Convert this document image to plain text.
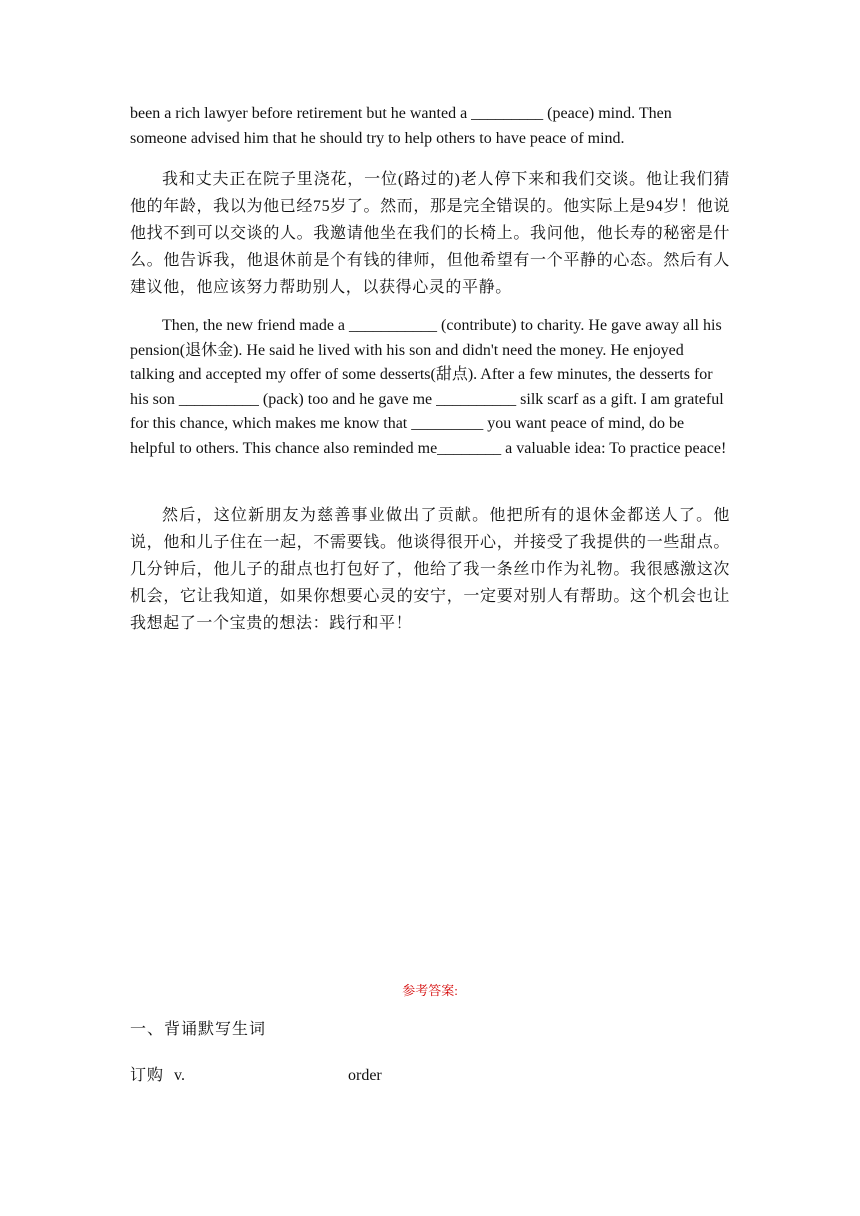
been a rich lawyer before retirement but he wanted a _________ (peace) mind. Then someone advised him that he should try to help others to have peace of mind.

我和丈夫正在院子里浇花，一位(路过的)老人停下来和我们交谈。他让我们猜他的年龄，我以为他已经75岁了。然而，那是完全错误的。他实际上是94岁！他说他找不到可以交谈的人。我邀请他坐在我们的长椅上。我问他，他长寿的秘密是什么。他告诉我，他退休前是个有钱的律师，但他希望有一个平静的心态。然后有人建议他，他应该努力帮助别人，以获得心灵的平静。

Then, the new friend made a ___________ (contribute) to charity. He gave away all his pension(退休金). He said he lived with his son and didn't need the money. He enjoyed talking and accepted my offer of some desserts(甜点). After a few minutes, the desserts for his son __________ (pack) too and he gave me __________ silk scarf as a gift. I am grateful for this chance, which makes me know that _________ you want peace of mind, do be helpful to others. This chance also reminded me________ a valuable idea: To practice peace!

然后，这位新朋友为慈善事业做出了贡献。他把所有的退休金都送人了。他说，他和儿子住在一起，不需要钱。他谈得很开心，并接受了我提供的一些甜点。几分钟后，他儿子的甜点也打包好了，他给了我一条丝巾作为礼物。我很感激这次机会，它让我知道，如果你想要心灵的安宁，一定要对别人有帮助。这个机会也让我想起了一个宝贵的想法：践行和平！

参考答案:
一、背诵默写生词
订购 v.	order
